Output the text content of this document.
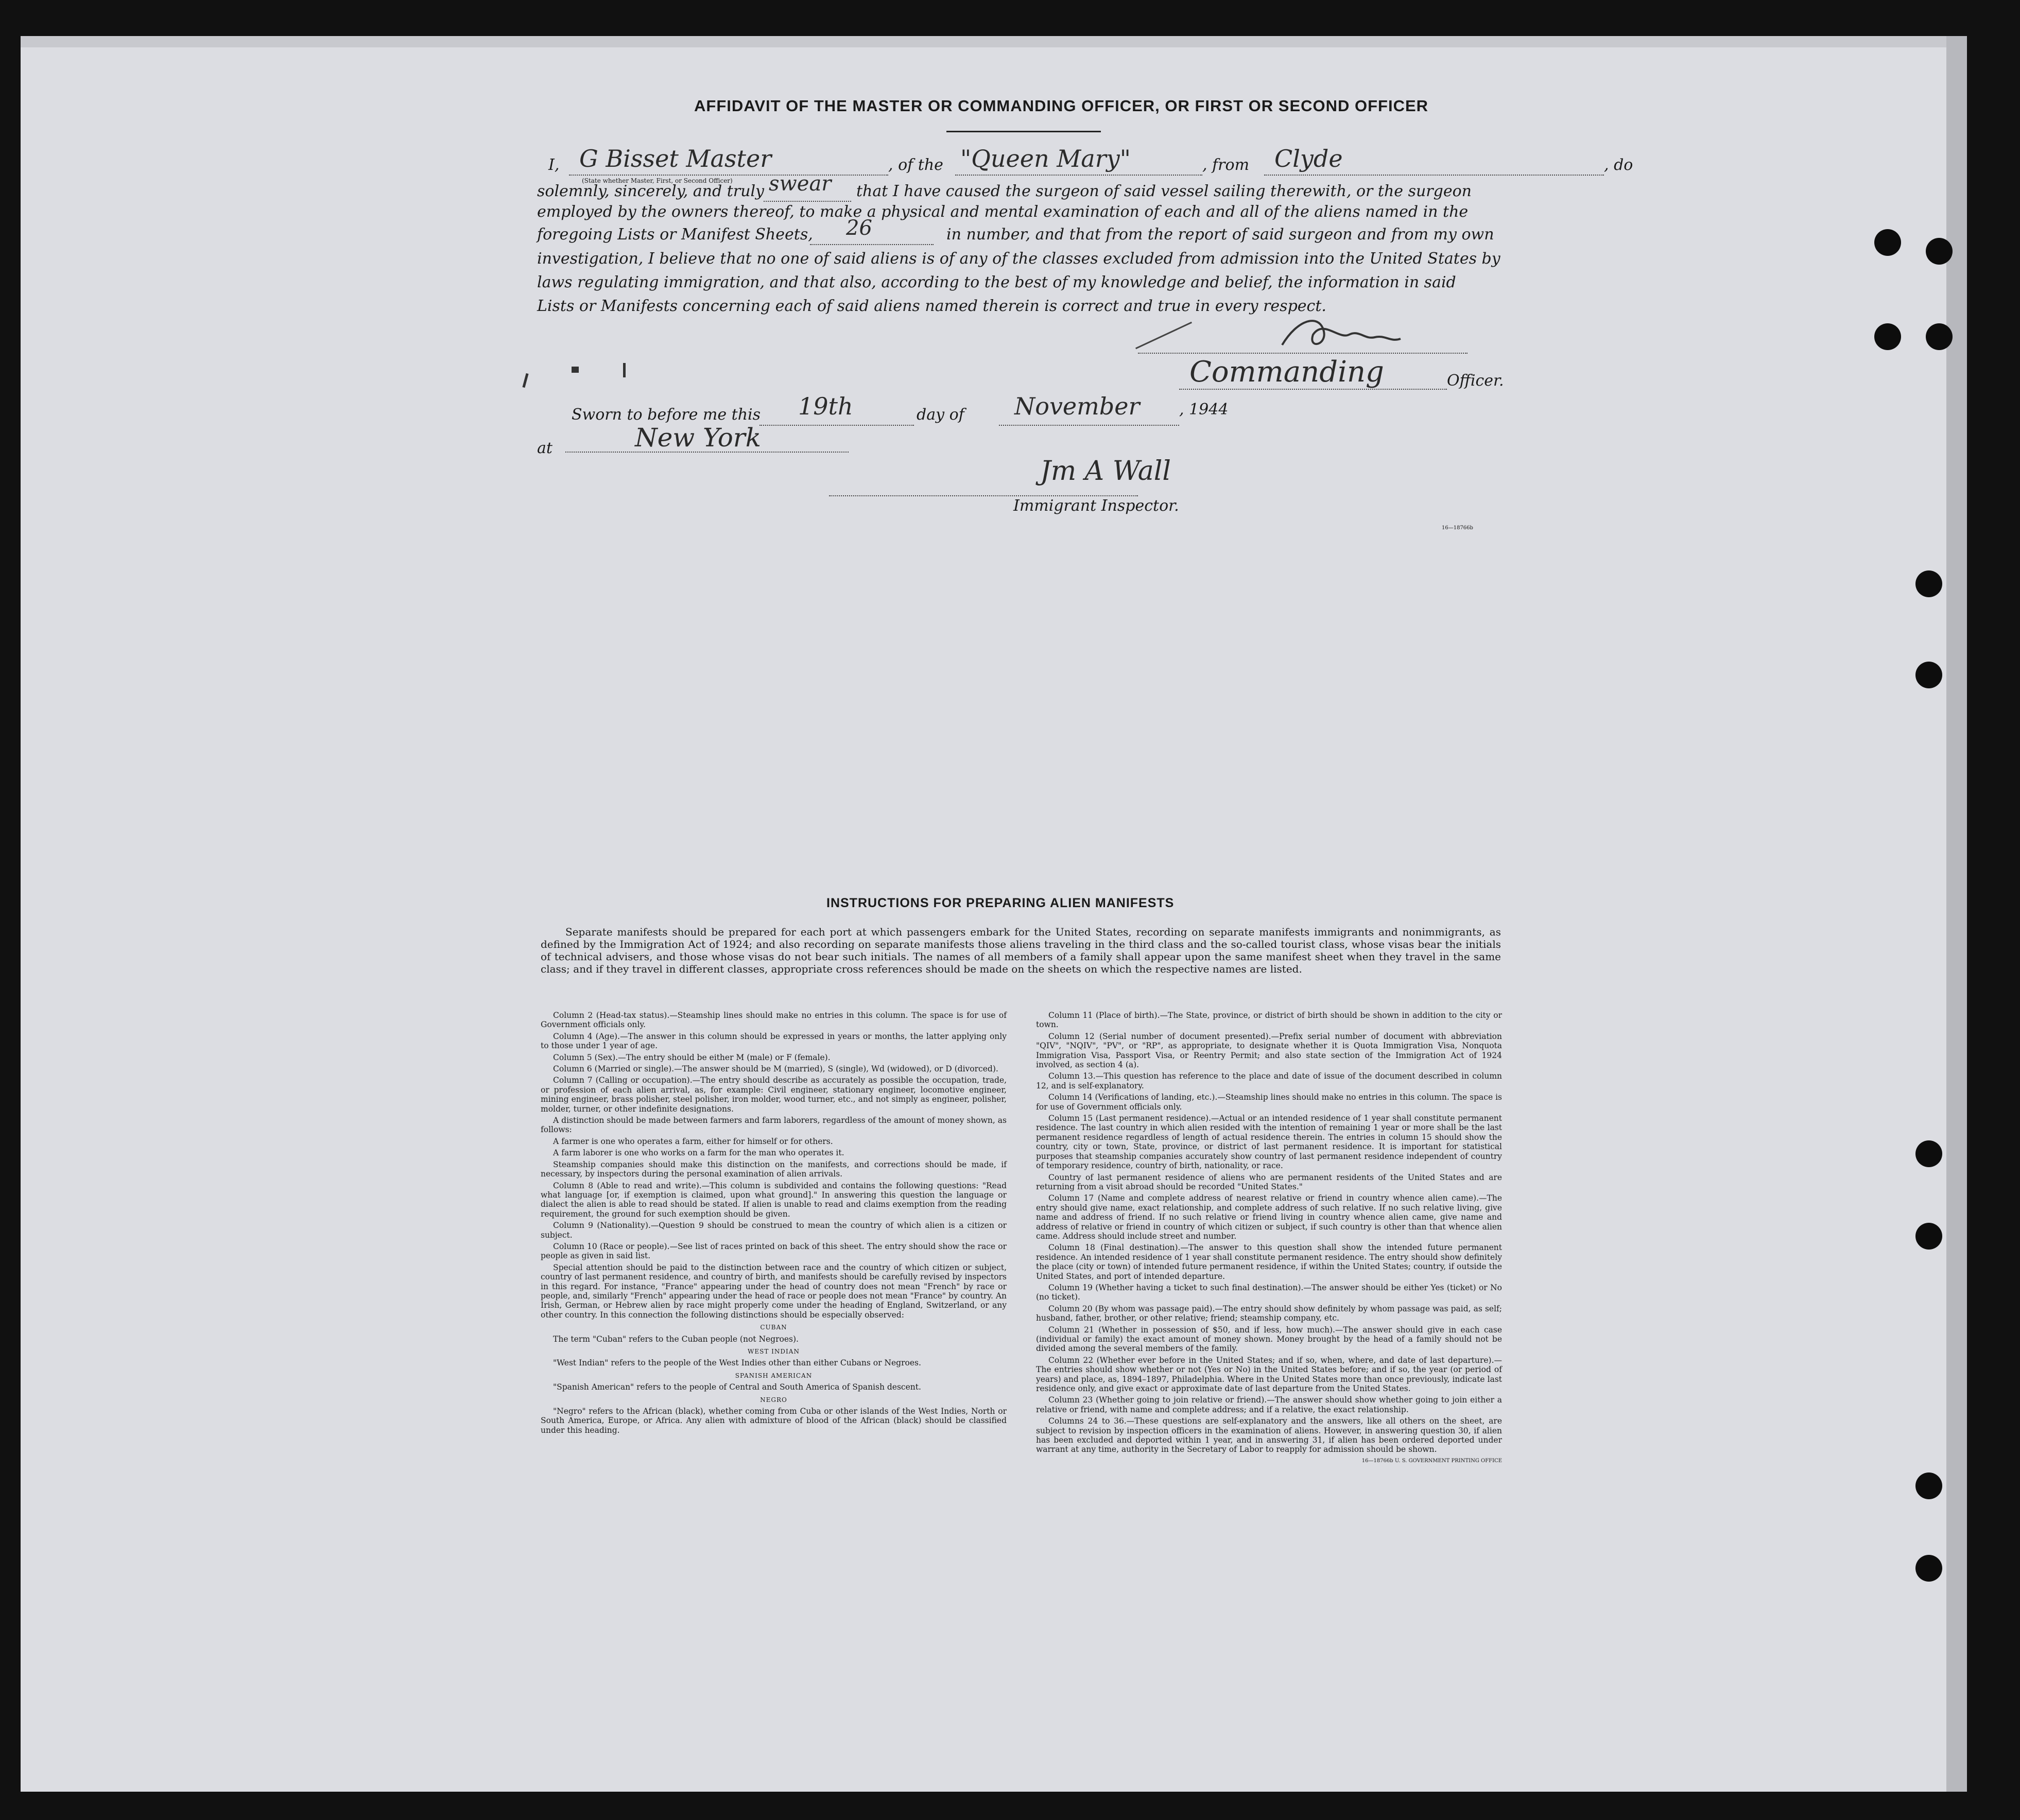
AFFIDAVIT OF THE MASTER OR COMMANDING OFFICER, OR FIRST OR SECOND OFFICER
I, G Bisset Master	, of the "Queen Mary"	, from Clyde	, do
(State whether Master, First, or Second Officer)
solemnly, sincerely, and truly swear that I have caused the surgeon of said vessel sailing therewith, or the surgeon
employed by the owners thereof, to make a physical and mental examination of each and all of the aliens named in the
foregoing Lists or Manifest Sheets, 26	in number, and that from the report of said surgeon and from my own
investigation, I believe that no one of said aliens is of any of the classes excluded from admission into the United States by
laws regulating immigration, and that also, according to the best of my knowledge and belief, the information in said
Lists or Manifests concerning each of said aliens named therein is correct and true in every respect.
Commanding	Officer.
Sworn to before me this 19th	day of November	, 1944
at	New York
Jm A Wall
Immigrant Inspector.
16—18766b
INSTRUCTIONS FOR PREPARING ALIEN MANIFESTS
Separate manifests should be prepared for each port at which passengers embark for the United States, recording on separate manifests immigrants and nonimmigrants, as defined by the Immigration Act of 1924; and also recording on separate manifests those aliens traveling in the third class and the so-called tourist class, whose visas bear the initials of technical advisers, and those whose visas do not bear such initials. The names of all members of a family shall appear upon the same manifest sheet when they travel in the same class; and if they travel in different classes, appropriate cross references should be made on the sheets on which the respective names are listed.

Column 2 (Head-tax status).—Steamship lines should make no entries in this column. The space is for use of Government officials only.

Column 4 (Age).—The answer in this column should be expressed in years or months, the latter applying only to those under 1 year of age.

Column 5 (Sex).—The entry should be either M (male) or F (female).

Column 6 (Married or single).—The answer should be M (married), S (single), Wd (widowed), or D (divorced).

Column 7 (Calling or occupation).—The entry should describe as accurately as possible the occupation, trade, or profession of each alien arrival, as, for example: Civil engineer, stationary engineer, locomotive engineer, mining engineer, brass polisher, steel polisher, iron molder, wood turner, etc., and not simply as engineer, polisher, molder, turner, or other indefinite designations.

A distinction should be made between farmers and farm laborers, regardless of the amount of money shown, as follows:

A farmer is one who operates a farm, either for himself or for others.

A farm laborer is one who works on a farm for the man who operates it.

Steamship companies should make this distinction on the manifests, and corrections should be made, if necessary, by inspectors during the personal examination of alien arrivals.

Column 8 (Able to read and write).—This column is subdivided and contains the following questions: "Read what language [or, if exemption is claimed, upon what ground]." In answering this question the language or dialect the alien is able to read should be stated. If alien is unable to read and claims exemption from the reading requirement, the ground for such exemption should be given.

Column 9 (Nationality).—Question 9 should be construed to mean the country of which alien is a citizen or subject.

Column 10 (Race or people).—See list of races printed on back of this sheet. The entry should show the race or people as given in said list.

Special attention should be paid to the distinction between race and the country of which citizen or subject, country of last permanent residence, and country of birth, and manifests should be carefully revised by inspectors in this regard. For instance, "France" appearing under the head of country does not mean "French" by race or people, and, similarly "French" appearing under the head of race or people does not mean "France" by country. An Irish, German, or Hebrew alien by race might properly come under the heading of England, Switzerland, or any other country. In this connection the following distinctions should be especially observed:

CUBAN

The term "Cuban" refers to the Cuban people (not Negroes).

WEST INDIAN

"West Indian" refers to the people of the West Indies other than either Cubans or Negroes.

SPANISH AMERICAN

"Spanish American" refers to the people of Central and South America of Spanish descent.

NEGRO

"Negro" refers to the African (black), whether coming from Cuba or other islands of the West Indies, North or South America, Europe, or Africa. Any alien with admixture of blood of the African (black) should be classified under this heading.

Column 11 (Place of birth).—The State, province, or district of birth should be shown in addition to the city or town.

Column 12 (Serial number of document presented).—Prefix serial number of document with abbreviation "QIV", "NQIV", "PV", or "RP", as appropriate, to designate whether it is Quota Immigration Visa, Nonquota Immigration Visa, Passport Visa, or Reentry Permit; and also state section of the Immigration Act of 1924 involved, as section 4 (a).

Column 13.—This question has reference to the place and date of issue of the document described in column 12, and is self-explanatory.

Column 14 (Verifications of landing, etc.).—Steamship lines should make no entries in this column. The space is for use of Government officials only.

Column 15 (Last permanent residence).—Actual or an intended residence of 1 year shall constitute permanent residence. The last country in which alien resided with the intention of remaining 1 year or more shall be the last permanent residence regardless of length of actual residence therein. The entries in column 15 should show the country, city or town, State, province, or district of last permanent residence. It is important for statistical purposes that steamship companies accurately show country of last permanent residence independent of country of temporary residence, country of birth, nationality, or race.

Country of last permanent residence of aliens who are permanent residents of the United States and are returning from a visit abroad should be recorded "United States."

Column 17 (Name and complete address of nearest relative or friend in country whence alien came).—The entry should give name, exact relationship, and complete address of such relative. If no such relative living, give name and address of friend. If no such relative or friend living in country whence alien came, give name and address of relative or friend in country of which citizen or subject, if such country is other than that whence alien came. Address should include street and number.

Column 18 (Final destination).—The answer to this question shall show the intended future permanent residence. An intended residence of 1 year shall constitute permanent residence. The entry should show definitely the place (city or town) of intended future permanent residence, if within the United States; country, if outside the United States, and port of intended departure.

Column 19 (Whether having a ticket to such final destination).—The answer should be either Yes (ticket) or No (no ticket).

Column 20 (By whom was passage paid).—The entry should show definitely by whom passage was paid, as self; husband, father, brother, or other relative; friend; steamship company, etc.

Column 21 (Whether in possession of $50, and if less, how much).—The answer should give in each case (individual or family) the exact amount of money shown. Money brought by the head of a family should not be divided among the several members of the family.

Column 22 (Whether ever before in the United States; and if so, when, where, and date of last departure).—The entries should show whether or not (Yes or No) in the United States before; and if so, the year (or period of years) and place, as, 1894–1897, Philadelphia. Where in the United States more than once previously, indicate last residence only, and give exact or approximate date of last departure from the United States.

Column 23 (Whether going to join relative or friend).—The answer should show whether going to join either a relative or friend, with name and complete address; and if a relative, the exact relationship.

Columns 24 to 36.—These questions are self-explanatory and the answers, like all others on the sheet, are subject to revision by inspection officers in the examination of aliens. However, in answering question 30, if alien has been excluded and deported within 1 year, and in answering 31, if alien has been ordered deported under warrant at any time, authority in the Secretary of Labor to reapply for admission should be shown.

16—18766b U. S. GOVERNMENT PRINTING OFFICE
